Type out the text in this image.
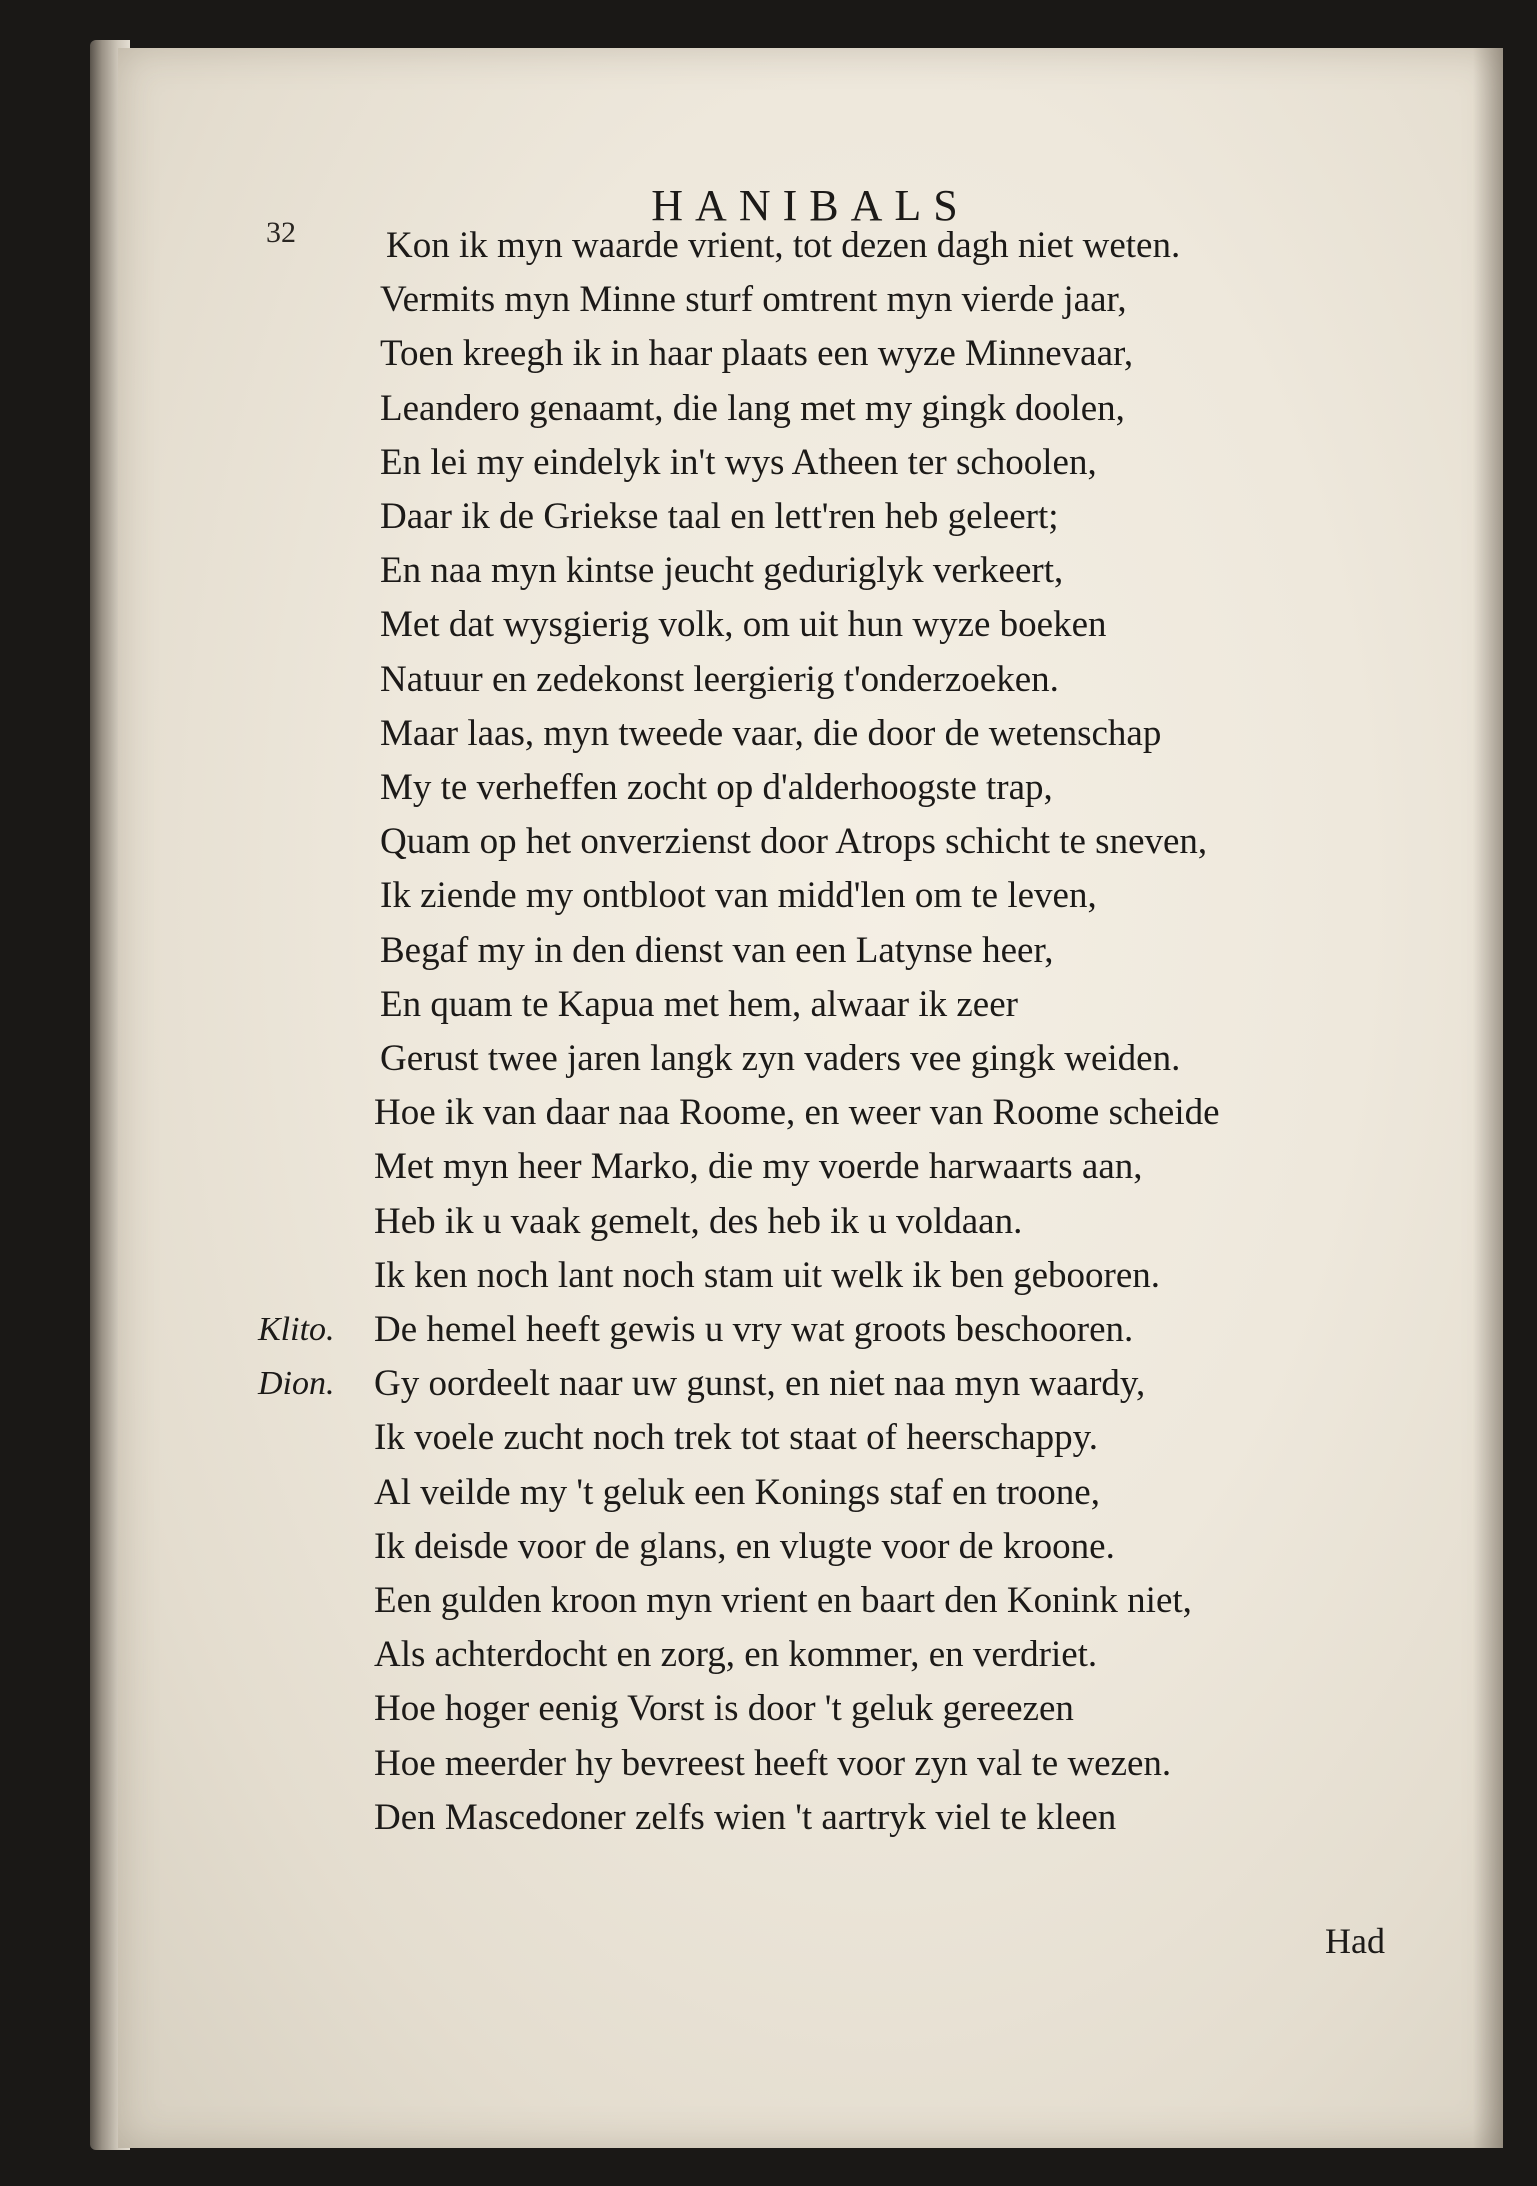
32
HANIBALS
Kon ik myn waarde vrient, tot dezen dagh niet weten.
Vermits myn Minne sturf omtrent myn vierde jaar,
Toen kreegh ik in haar plaats een wyze Minnevaar,
Leandero genaamt, die lang met my gingk doolen,
En lei my eindelyk in't wys Atheen ter schoolen,
Daar ik de Griekse taal en lett'ren heb geleert;
En naa myn kintse jeucht geduriglyk verkeert,
Met dat wysgierig volk, om uit hun wyze boeken
Natuur en zedekonst leergierig t'onderzoeken.
Maar laas, myn tweede vaar, die door de wetenschap
My te verheffen zocht op d'alderhoogste trap,
Quam op het onverzienst door Atrops schicht te sneven,
Ik ziende my ontbloot van midd'len om te leven,
Begaf my in den dienst van een Latynse heer,
En quam te Kapua met hem, alwaar ik zeer
Gerust twee jaren langk zyn vaders vee gingk weiden.
Hoe ik van daar naa Roome, en weer van Roome scheide
Met myn heer Marko, die my voerde harwaarts aan,
Heb ik u vaak gemelt, des heb ik u voldaan.
Ik ken noch lant noch stam uit welk ik ben gebooren.
Klito. De hemel heeft gewis u vry wat groots beschooren.
Dion. Gy oordeelt naar uw gunst, en niet naa myn waardy,
Ik voele zucht noch trek tot staat of heerschappy.
Al veilde my 't geluk een Konings staf en troone,
Ik deisde voor de glans, en vlugte voor de kroone.
Een gulden kroon myn vrient en baart den Konink niet,
Als achterdocht en zorg, en kommer, en verdriet.
Hoe hoger eenig Vorst is door 't geluk gereezen
Hoe meerder hy bevreest heeft voor zyn val te wezen.
Den Mascedoner zelfs wien 't aartryk viel te kleen
Had
